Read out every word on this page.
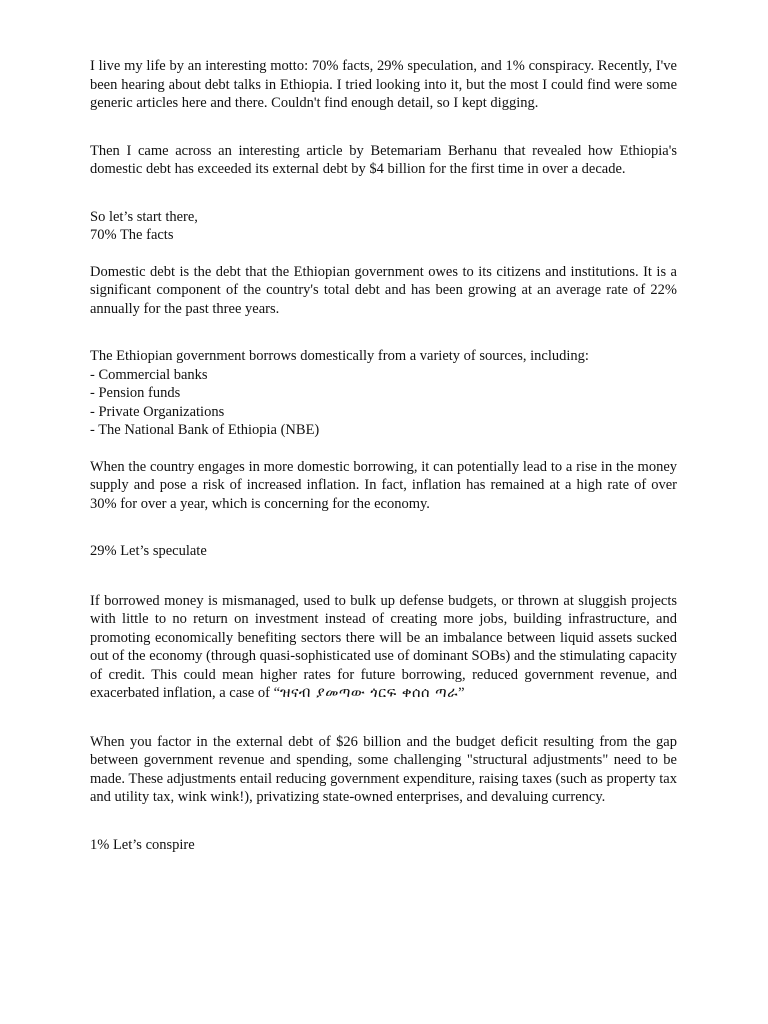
I live my life by an interesting motto: 70% facts, 29% speculation, and 1% conspiracy. Recently, I've been hearing about debt talks in Ethiopia. I tried looking into it, but the most I could find were some generic articles here and there. Couldn't find enough detail, so I kept digging.

Then I came across an interesting article by Betemariam Berhanu that revealed how Ethiopia's domestic debt has exceeded its external debt by $4 billion for the first time in over a decade.

So let’s start there,

70% The facts

Domestic debt is the debt that the Ethiopian government owes to its citizens and institutions. It is a significant component of the country's total debt and has been growing at an average rate of 22% annually for the past three years.

The Ethiopian government borrows domestically from a variety of sources, including:

- Commercial banks
- Pension funds
- Private Organizations
- The National Bank of Ethiopia (NBE)

When the country engages in more domestic borrowing, it can potentially lead to a rise in the money supply and pose a risk of increased inflation. In fact, inflation has remained at a high rate of over 30% for over a year, which is concerning for the economy.

29% Let’s speculate

If borrowed money is mismanaged, used to bulk up defense budgets, or thrown at sluggish projects with little to no return on investment instead of creating more jobs, building infrastructure, and promoting economically benefiting sectors there will be an imbalance between liquid assets sucked out of the economy (through quasi-sophisticated use of dominant SOBs) and the stimulating capacity of credit. This could mean higher rates for future borrowing, reduced government revenue, and exacerbated inflation, a case of “ዝናብ ያመጣው ጎርፍ ቀሰሰ ጣራ”

When you factor in the external debt of $26 billion and the budget deficit resulting from the gap between government revenue and spending, some challenging "structural adjustments" need to be made. These adjustments entail reducing government expenditure, raising taxes (such as property tax and utility tax, wink wink!), privatizing state-owned enterprises, and devaluing currency.

1% Let’s conspire
